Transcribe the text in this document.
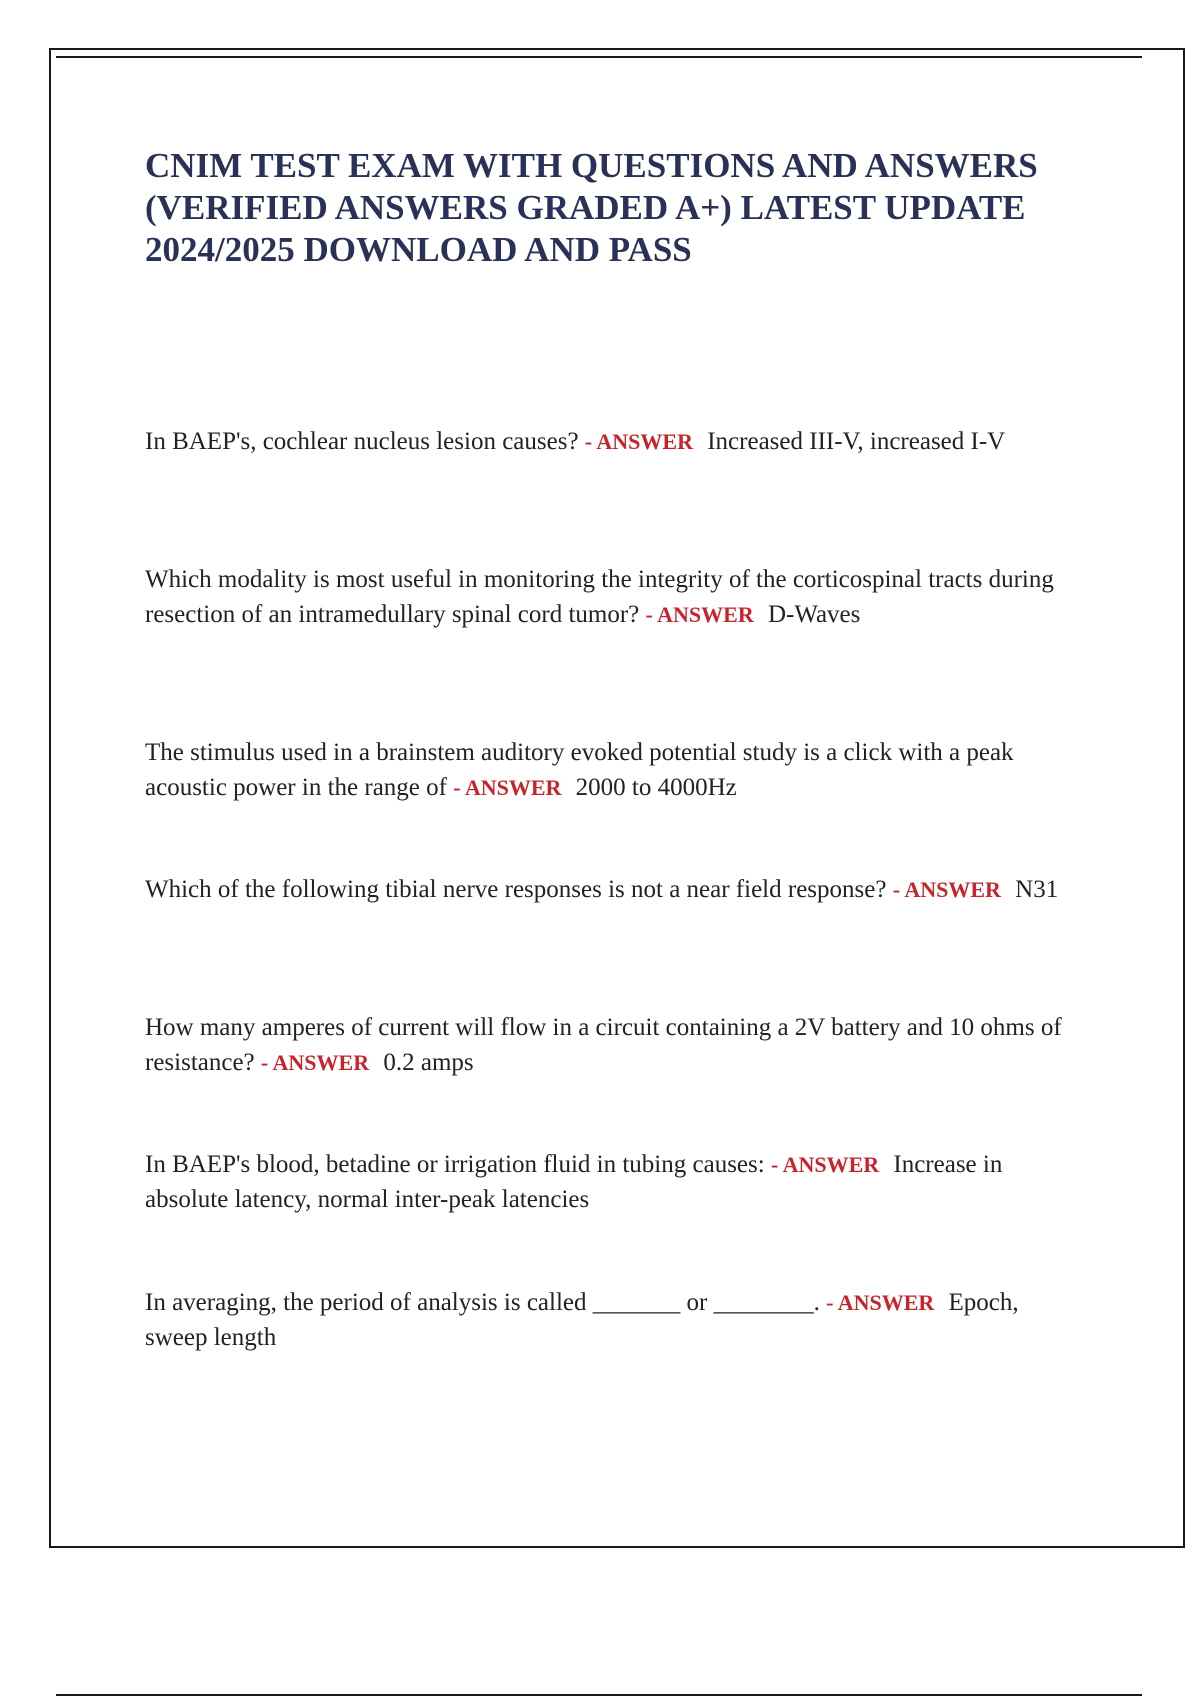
CNIM TEST EXAM WITH QUESTIONS AND ANSWERS (VERIFIED ANSWERS GRADED A+) LATEST UPDATE 2024/2025 DOWNLOAD AND PASS
In BAEP's, cochlear nucleus lesion causes? - ANSWER Increased III-V, increased I-V
Which modality is most useful in monitoring the integrity of the corticospinal tracts during resection of an intramedullary spinal cord tumor? - ANSWER D-Waves
The stimulus used in a brainstem auditory evoked potential study is a click with a peak acoustic power in the range of - ANSWER 2000 to 4000Hz
Which of the following tibial nerve responses is not a near field response? - ANSWER N31
How many amperes of current will flow in a circuit containing a 2V battery and 10 ohms of resistance? - ANSWER 0.2 amps
In BAEP's blood, betadine or irrigation fluid in tubing causes: - ANSWER Increase in absolute latency, normal inter-peak latencies
In averaging, the period of analysis is called _______ or ________. - ANSWER Epoch, sweep length
